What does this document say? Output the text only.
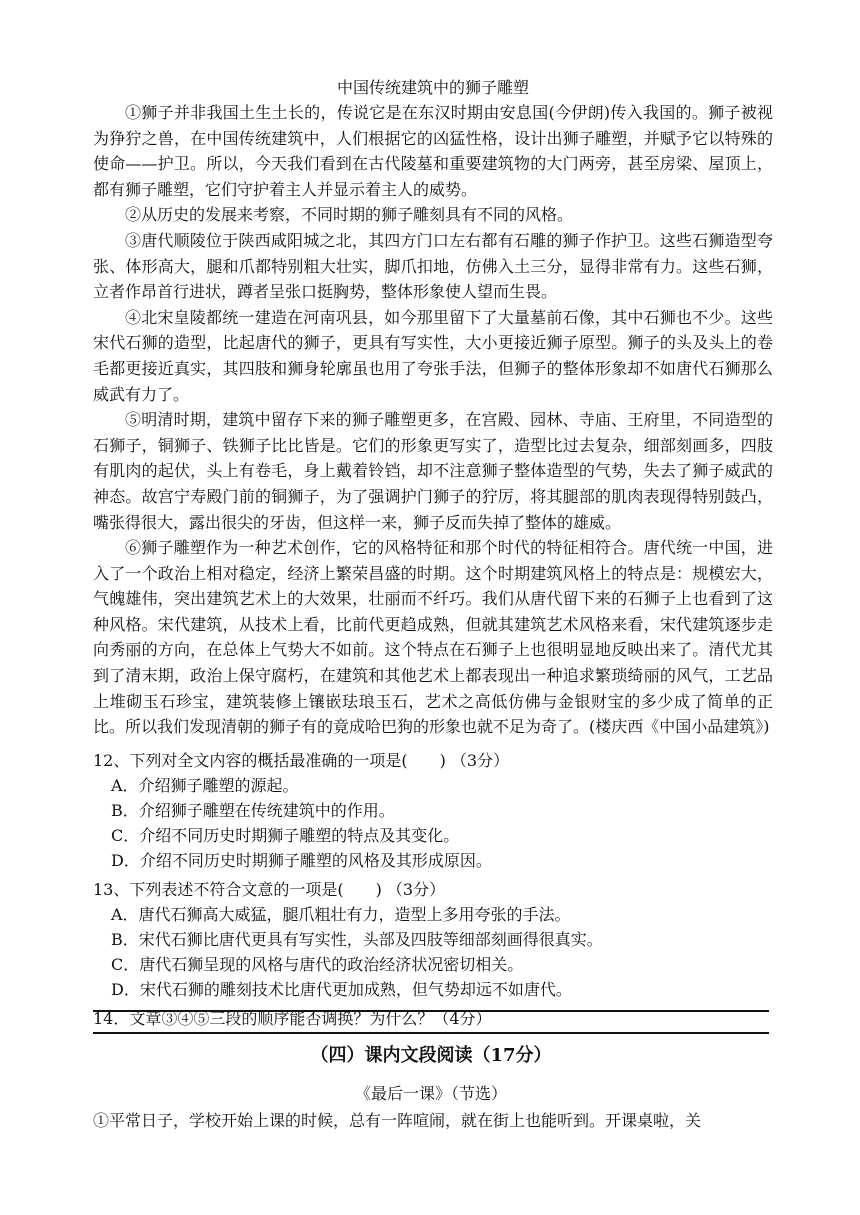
中国传统建筑中的狮子雕塑

①狮子并非我国土生土长的，传说它是在东汉时期由安息国(今伊朗)传入我国的。狮子被视为狰狞之兽，在中国传统建筑中，人们根据它的凶猛性格，设计出狮子雕塑，并赋予它以特殊的使命——护卫。所以，今天我们看到在古代陵墓和重要建筑物的大门两旁，甚至房梁、屋顶上，都有狮子雕塑，它们守护着主人并显示着主人的威势。

②从历史的发展来考察，不同时期的狮子雕刻具有不同的风格。

③唐代顺陵位于陕西咸阳城之北，其四方门口左右都有石雕的狮子作护卫。这些石狮造型夸张、体形高大，腿和爪都特别粗大壮实，脚爪扣地，仿佛入土三分，显得非常有力。这些石狮，立者作昂首行进状，蹲者呈张口挺胸势，整体形象使人望而生畏。

④北宋皇陵都统一建造在河南巩县，如今那里留下了大量墓前石像，其中石狮也不少。这些宋代石狮的造型，比起唐代的狮子，更具有写实性，大小更接近狮子原型。狮子的头及头上的卷毛都更接近真实，其四肢和狮身轮廓虽也用了夸张手法，但狮子的整体形象却不如唐代石狮那么威武有力了。

⑤明清时期，建筑中留存下来的狮子雕塑更多，在宫殿、园林、寺庙、王府里，不同造型的石狮子，铜狮子、铁狮子比比皆是。它们的形象更写实了，造型比过去复杂，细部刻画多，四肢有肌肉的起伏，头上有卷毛，身上戴着铃铛，却不注意狮子整体造型的气势，失去了狮子威武的神态。故宫宁寿殿门前的铜狮子，为了强调护门狮子的狞厉，将其腿部的肌肉表现得特别鼓凸，嘴张得很大，露出很尖的牙齿，但这样一来，狮子反而失掉了整体的雄威。

⑥狮子雕塑作为一种艺术创作，它的风格特征和那个时代的特征相符合。唐代统一中国，进入了一个政治上相对稳定，经济上繁荣昌盛的时期。这个时期建筑风格上的特点是：规模宏大，气魄雄伟，突出建筑艺术上的大效果，壮丽而不纤巧。我们从唐代留下来的石狮子上也看到了这种风格。宋代建筑，从技术上看，比前代更趋成熟，但就其建筑艺术风格来看，宋代建筑逐步走向秀丽的方向，在总体上气势大不如前。这个特点在石狮子上也很明显地反映出来了。清代尤其到了清末期，政治上保守腐朽，在建筑和其他艺术上都表现出一种追求繁琐绮丽的风气，工艺品上堆砌玉石珍宝，建筑装修上镶嵌珐琅玉石，艺术之高低仿佛与金银财宝的多少成了简单的正比。所以我们发现清朝的狮子有的竟成哈巴狗的形象也就不足为奇了。(楼庆西《中国小品建筑》)

12、下列对全文内容的概括最准确的一项是(　　) （3分）

A．介绍狮子雕塑的源起。

B．介绍狮子雕塑在传统建筑中的作用。

C．介绍不同历史时期狮子雕塑的特点及其变化。

D．介绍不同历史时期狮子雕塑的风格及其形成原因。

13、下列表述不符合文意的一项是(　　) （3分）

A．唐代石狮高大威猛，腿爪粗壮有力，造型上多用夸张的手法。

B．宋代石狮比唐代更具有写实性，头部及四肢等细部刻画得很真实。

C．唐代石狮呈现的风格与唐代的政治经济状况密切相关。

D．宋代石狮的雕刻技术比唐代更加成熟，但气势却远不如唐代。

14．文章③④⑤三段的顺序能否调换？为什么？（4分）

（四）课内文段阅读（17分）

《最后一课》（节选）

①平常日子，学校开始上课的时候，总有一阵喧闹，就在街上也能听到。开课桌啦，关
